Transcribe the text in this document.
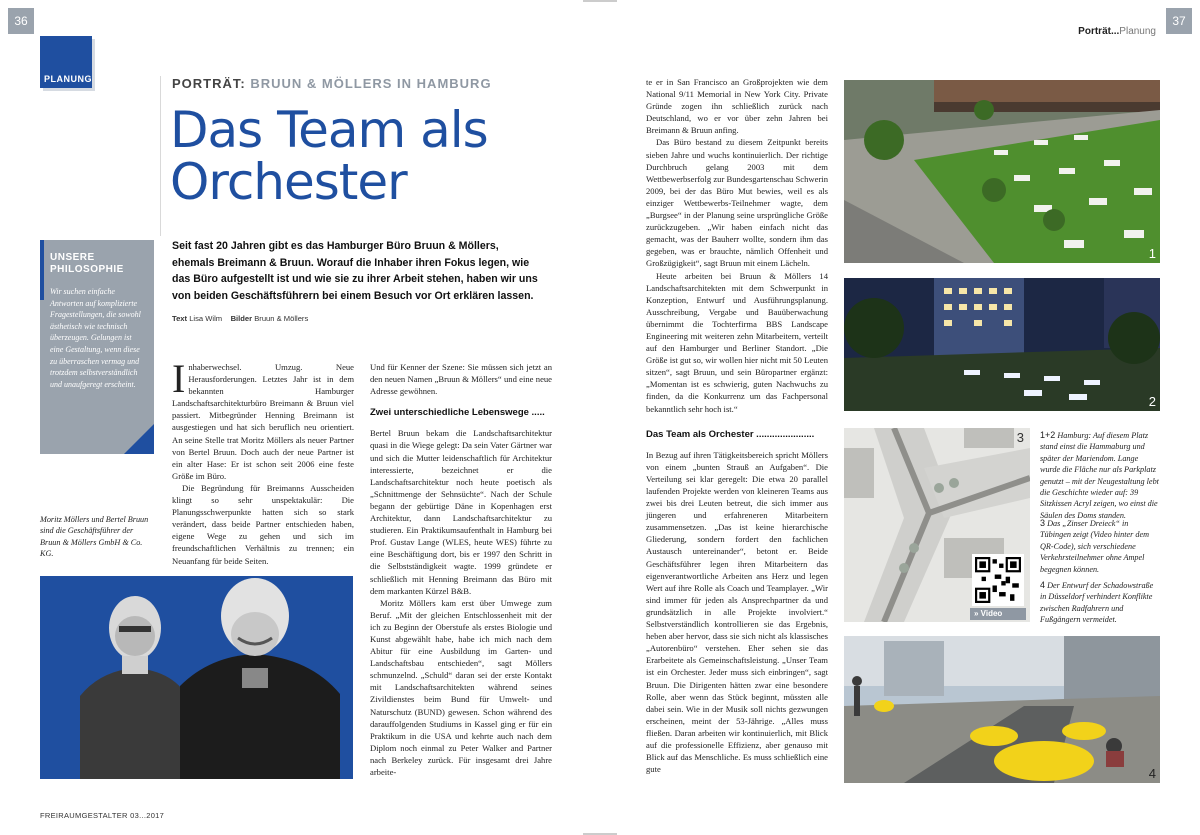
36	37
Porträt...Planung
PLANUNG	PORTRÄT: BRUUN & MÖLLERS IN HAMBURG
Das Team als
Orchester
Seit fast 20 Jahren gibt es das Hamburger Büro Bruun & Möllers, ehemals Breimann & Bruun. Worauf die Inhaber ihren Fokus legen, wie das Büro aufgestellt ist und wie sie zu ihrer Arbeit stehen, haben wir uns von beiden Geschäftsführern bei einem Besuch vor Ort erklären lassen.
Text Lisa Wilm Bilder Bruun & Möllers
UNSERE PHILOSOPHIE
Wir suchen einfache Antworten auf komplizierte Fragestellungen, die sowohl ästhetisch wie technisch überzeugen. Gelungen ist eine Gestaltung, wenn diese zu überraschen vermag und trotzdem selbstverständlich und unaufgeregt erscheint.
Moritz Möllers und Bertel Bruun sind die Geschäftsführer der Bruun & Möllers GmbH & Co. KG.

Inhaberwechsel. Umzug. Neue Herausforderungen. Letztes Jahr ist in dem bekannten Hamburger Landschaftsarchitekturbüro Breimann & Bruun viel passiert. Mitbegründer Henning Breimann ist ausgestiegen und hat sich beruflich neu orientiert. An seine Stelle trat Moritz Möllers als neuer Partner von Bertel Bruun. Doch auch der neue Partner ist ein alter Hase: Er ist schon seit 2006 eine feste Größe im Büro.

Die Begründung für Breimanns Ausscheiden klingt so sehr unspektakulär: Die Planungsschwerpunkte hatten sich so stark verändert, dass beide Partner entschieden haben, eigene Wege zu gehen und sich im freundschaftlichen Verhältnis zu trennen; ein Neuanfang für beide Seiten.

Und für Kenner der Szene: Sie müssen sich jetzt an den neuen Namen „Bruun & Möllers“ und eine neue Adresse gewöhnen.

Zwei unterschiedliche Lebenswege .....

Bertel Bruun bekam die Landschaftsarchitektur quasi in die Wiege gelegt: Da sein Vater Gärtner war und sich die Mutter leidenschaftlich für Architektur interessierte, bezeichnet er die Landschaftsarchitektur noch heute poetisch als „Schnittmenge der Sehnsüchte“. Nach der Schule begann der gebürtige Däne in Kopenhagen erst Architektur, dann Landschaftsarchitektur zu studieren. Ein Praktikumsaufenthalt in Hamburg bei Prof. Gustav Lange (WLES, heute WES) führte zu eine Beschäftigung dort, bis er 1997 den Schritt in die Selbstständigkeit wagte. 1999 gründete er schließlich mit Henning Breimann das Büro mit dem markanten Kürzel B&B.

Moritz Möllers kam erst über Umwege zum Beruf. „Mit der gleichen Entschlossenheit mit der ich zu Beginn der Oberstufe als erstes Biologie und Kunst abgewählt habe, habe ich mich nach dem Abitur für eine Ausbildung im Garten- und Landschaftsbau entschieden“, sagt Möllers schmunzelnd. „Schuld“ daran sei der erste Kontakt mit Landschaftsarchitekten während seines Zivildienstes beim Bund für Umwelt- und Naturschutz (BUND) gewesen. Schon während des darauffolgenden Studiums in Kassel ging er für ein Praktikum in die USA und kehrte auch nach dem Diplom noch einmal zu Peter Walker and Partner nach Berkeley zurück. Für insgesamt drei Jahre arbeite-

te er in San Francisco an Großprojekten wie dem National 9/11 Memorial in New York City. Private Gründe zogen ihn schließlich zurück nach Deutschland, wo er vor über zehn Jahren bei Breimann & Bruun anfing.

Das Büro bestand zu diesem Zeitpunkt bereits sieben Jahre und wuchs kontinuierlich. Der richtige Durchbruch gelang 2003 mit dem Wettbewerbserfolg zur Bundesgartenschau Schwerin 2009, bei der das Büro Mut bewies, weil es als einziger Wettbewerbs-Teilnehmer wagte, dem „Burgsee“ in der Planung seine ursprüngliche Größe zurückzugeben. „Wir haben einfach nicht das gemacht, was der Bauherr wollte, sondern ihm das gegeben, was er brauchte, nämlich Offenheit und Großzügigkeit“, sagt Bruun mit einem Lächeln.

Heute arbeiten bei Bruun & Möllers 14 Landschaftsarchitekten mit dem Schwerpunkt in Konzeption, Entwurf und Ausführungsplanung. Ausschreibung, Vergabe und Bauüberwachung übernimmt die Tochterfirma BBS Landscape Engineering mit weiteren zehn Mitarbeitern, verteilt auf den Hamburger und Berliner Standort. „Die Größe ist gut so, wir wollen hier nicht mit 50 Leuten sitzen“, sagt Bruun, und sein Büropartner ergänzt: „Momentan ist es schwierig, guten Nachwuchs zu finden, da die Konkurrenz um das Fachpersonal bekanntlich sehr hoch ist.“

Das Team als Orchester ......................

In Bezug auf ihren Tätigkeitsbereich spricht Möllers von einem „bunten Strauß an Aufgaben“. Die Verteilung sei klar geregelt: Die etwa 20 parallel laufenden Projekte werden von kleineren Teams aus zwei bis drei Leuten betreut, die sich immer aus jüngeren und erfahreneren Mitarbeitern zusammensetzen. „Das ist keine hierarchische Gliederung, sondern fordert den fachlichen Austausch untereinander“, betont er. Beide Geschäftsführer legen ihren Mitarbeitern das eigenverantwortliche Arbeiten ans Herz und legen Wert auf ihre Rolle als Coach und Teamplayer. „Wir sind immer für jeden als Ansprechpartner da und grundsätzlich in alle Projekte involviert.“ Selbstverständlich kontrollieren sie das Ergebnis, heben aber hervor, dass sie sich nicht als klassisches „Autorenbüro“ verstehen. Eher sehen sie das Erarbeitete als Gemeinschaftsleistung. „Unser Team ist ein Orchester. Jeder muss sich einbringen“, sagt Bruun. Die Dirigenten hätten zwar eine besondere Rolle, aber wenn das Stück beginnt, müssten alle dabei sein. Wie in der Musik soll nichts gezwungen erscheinen, meint der 53-Jährige. „Alles muss fließen. Daran arbeiten wir kontinuierlich, mit Blick auf die professionelle Effizienz, aber genauso mit Blick auf das Menschliche. Es muss schließlich eine gute

1
2
3
» Video
1+2 Hamburg: Auf diesem Platz stand einst die Hammaburg und später der Mariendom. Lange wurde die Fläche nur als Parkplatz genutzt – mit der Neugestaltung lebt die Geschichte wieder auf: 39 Sitzkissen Acryl zeigen, wo einst die Säulen des Doms standen.
3 Das „Zinser Dreieck“ in Tübingen zeigt (Video hinter dem QR-Code), sich verschiedene Verkehrsteilnehmer ohne Ampel begegnen können.
4 Der Entwurf der Schadowstraße in Düsseldorf verhindert Konflikte zwischen Radfahrern und Fußgängern vermeidet.
4
FREIRAUMGESTALTER 03...2017
